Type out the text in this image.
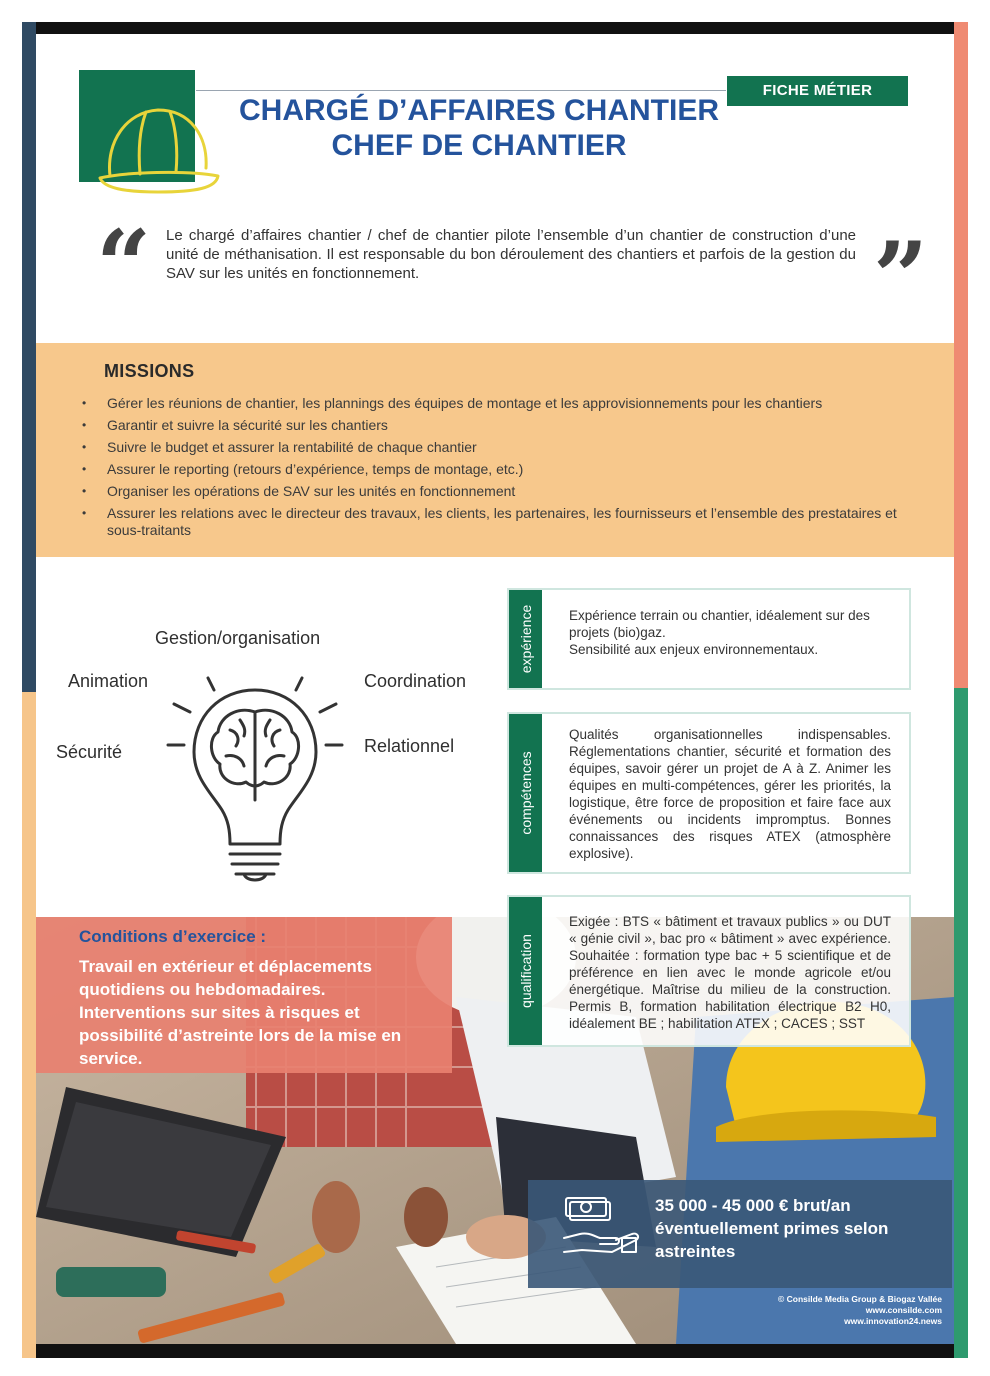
FICHE MÉTIER
CHARGÉ D’AFFAIRES CHANTIER
CHEF DE CHANTIER
“ Le chargé d’affaires chantier / chef de chantier pilote l’ensemble d’un chantier de construction d’une unité de méthanisation. Il est responsable du bon déroulement des chantiers et parfois de la gestion du SAV sur les unités en fonctionnement.	”
MISSIONS
• Gérer les réunions de chantier, les plannings des équipes de montage et les approvisionnements pour les chantiers
• Garantir et suivre la sécurité sur les chantiers
• Suivre le budget et assurer la rentabilité de chaque chantier
• Assurer le reporting (retours d’expérience, temps de montage, etc.)
• Organiser les opérations de SAV sur les unités en fonctionnement
• Assurer les relations avec le directeur des travaux, les clients, les partenaires, les fournisseurs et l’ensemble des prestataires et sous-traitants
Gestion/organisation
Animation	Coordination
Sécurité	Relationnel
Conditions d’exercice :
Travail en extérieur et déplacements quotidiens ou hebdomadaires. Interventions sur sites à risques et possibilité d’astreinte lors de la mise en service.
expérience	Expérience terrain ou chantier, idéalement sur des projets (bio)gaz.
Sensibilité aux enjeux environnementaux.
compétences
Qualités organisationnelles indispensables. Réglementations chantier, sécurité et formation des équipes, savoir gérer un projet de A à Z. Animer les équipes en multi-compétences, gérer les priorités, la logistique, être force de proposition et faire face aux événements ou incidents impromptus. Bonnes connaissances des risques ATEX (atmosphère explosive).
qualification
Exigée : BTS « bâtiment et travaux publics » ou DUT « génie civil », bac pro « bâtiment » avec expérience. Souhaitée : formation type bac + 5 scientifique et de préférence en lien avec le monde agricole et/ou énergétique. Maîtrise du milieu de la construction. Permis B, formation habilitation électrique B2 H0, idéalement BE ; habilitation ATEX ; CACES ; SST
35 000 - 45 000 € brut/an éventuellement primes selon astreintes
© Consilde Media Group & Biogaz Vallée
www.consilde.com
www.innovation24.news
